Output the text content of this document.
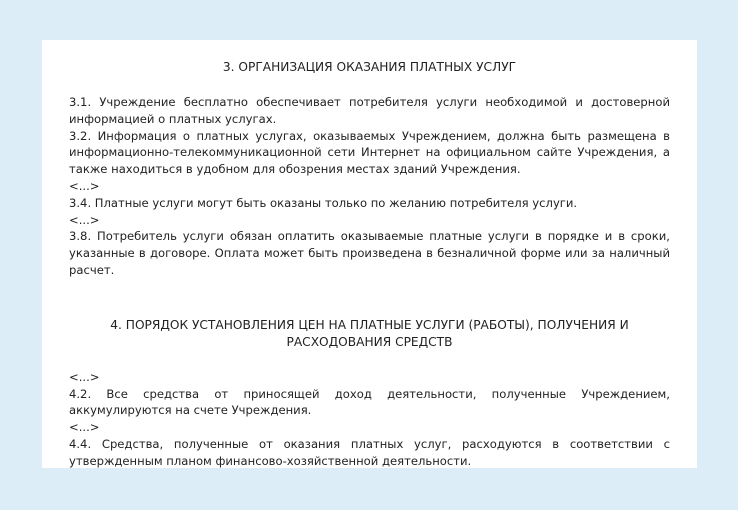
3. ОРГАНИЗАЦИЯ ОКАЗАНИЯ ПЛАТНЫХ УСЛУГ

3.1. Учреждение бесплатно обеспечивает потребителя услуги необходимой и достоверной информацией о платных услугах.

3.2. Информация о платных услугах, оказываемых Учреждением, должна быть размещена в информационно-телекоммуникационной сети Интернет на официальном сайте Учреждения, а также находиться в удобном для обозрения местах зданий Учреждения.

<...>

3.4. Платные услуги могут быть оказаны только по желанию потребителя услуги.

<...>

3.8. Потребитель услуги обязан оплатить оказываемые платные услуги в порядке и в сроки, указанные в договоре. Оплата может быть произведена в безналичной форме или за наличный расчет.

4. ПОРЯДОК УСТАНОВЛЕНИЯ ЦЕН НА ПЛАТНЫЕ УСЛУГИ (РАБОТЫ), ПОЛУЧЕНИЯ И РАСХОДОВАНИЯ СРЕДСТВ

<...>

4.2. Все средства от приносящей доход деятельности, полученные Учреждением, аккумулируются на счете Учреждения.

<...>

4.4. Средства, полученные от оказания платных услуг, расходуются в соответствии с утвержденным планом финансово-хозяйственной деятельности.
